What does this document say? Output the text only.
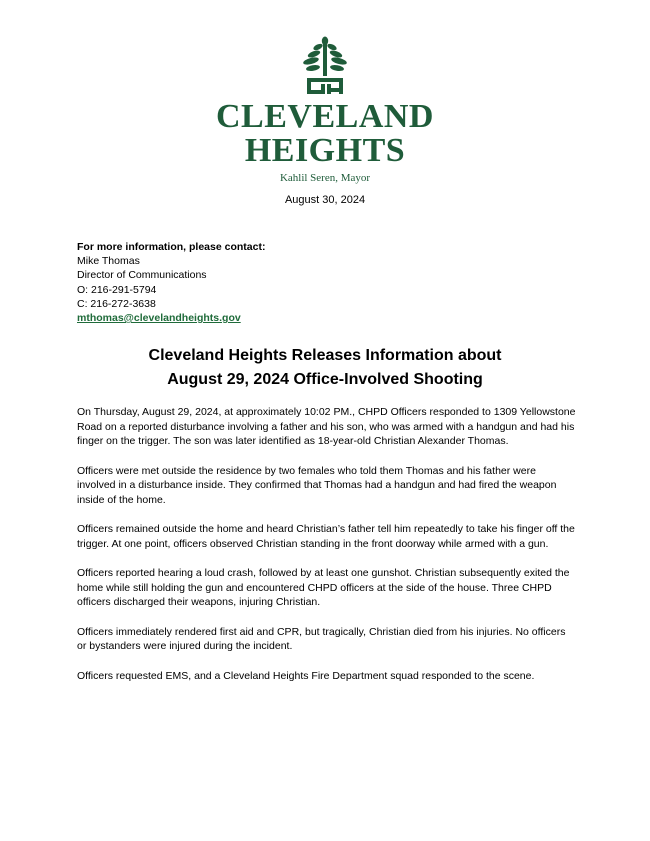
CLEVELAND
HEIGHTS
Kahlil Seren, Mayor
August 30, 2024
For more information, please contact:
Mike Thomas
Director of Communications
O: 216-291-5794
C: 216-272-3638
mthomas@clevelandheights.gov
Cleveland Heights Releases Information about
August 29, 2024 Office-Involved Shooting

On Thursday, August 29, 2024, at approximately 10:02 PM., CHPD Officers responded to 1309 Yellowstone Road on a reported disturbance involving a father and his son, who was armed with a handgun and had his finger on the trigger. The son was later identified as 18-year-old Christian Alexander Thomas.

Officers were met outside the residence by two females who told them Thomas and his father were involved in a disturbance inside. They confirmed that Thomas had a handgun and had fired the weapon inside of the home.

Officers remained outside the home and heard Christian’s father tell him repeatedly to take his finger off the trigger. At one point, officers observed Christian standing in the front doorway while armed with a gun.

Officers reported hearing a loud crash, followed by at least one gunshot. Christian subsequently exited the home while still holding the gun and encountered CHPD officers at the side of the house. Three CHPD officers discharged their weapons, injuring Christian.

Officers immediately rendered first aid and CPR, but tragically, Christian died from his injuries. No officers or bystanders were injured during the incident.

Officers requested EMS, and a Cleveland Heights Fire Department squad responded to the scene.
